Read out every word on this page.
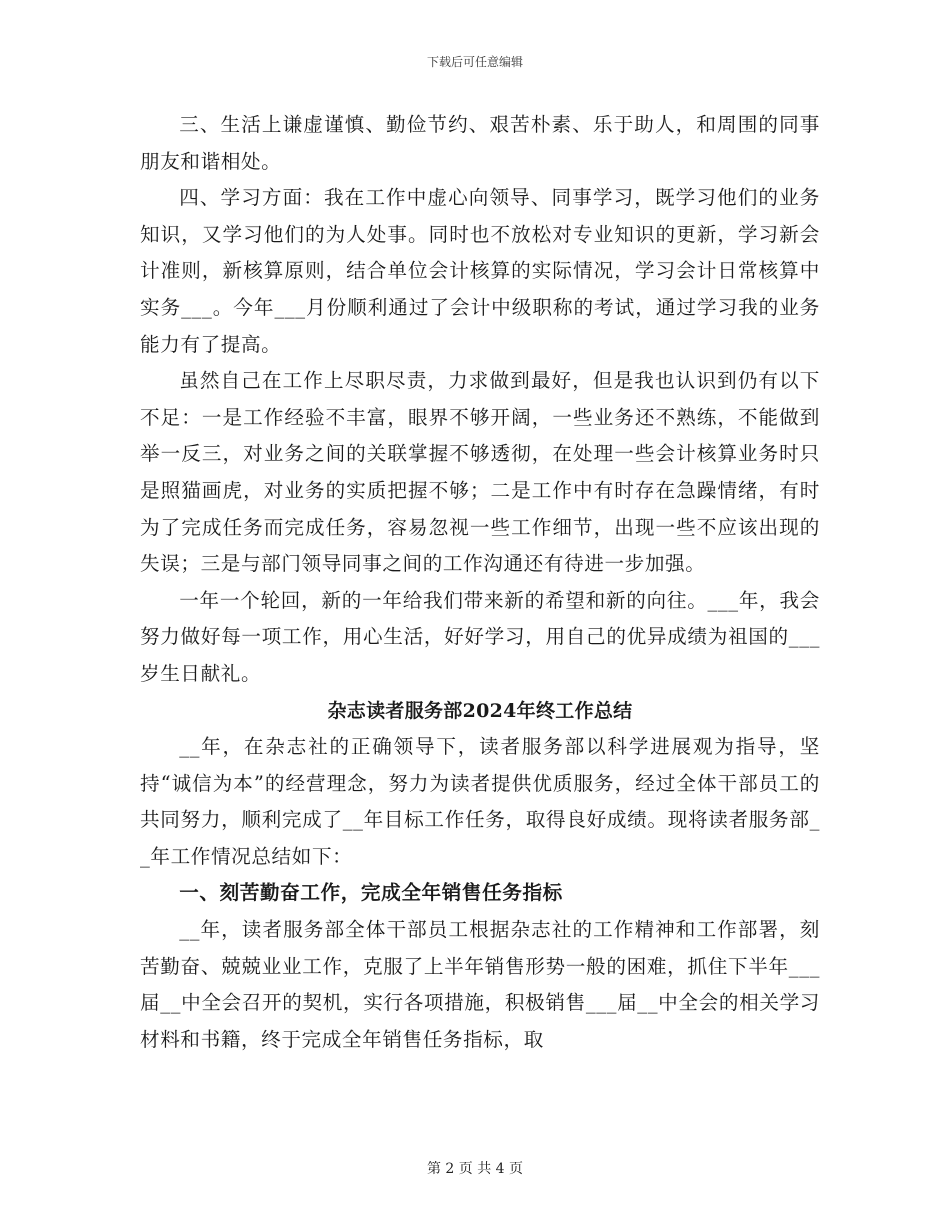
下载后可任意编辑

三、生活上谦虚谨慎、勤俭节约、艰苦朴素、乐于助人，和周围的同事朋友和谐相处。

四、学习方面：我在工作中虚心向领导、同事学习，既学习他们的业务知识，又学习他们的为人处事。同时也不放松对专业知识的更新，学习新会计准则，新核算原则，结合单位会计核算的实际情况，学习会计日常核算中实务___。今年___月份顺利通过了会计中级职称的考试，通过学习我的业务能力有了提高。

虽然自己在工作上尽职尽责，力求做到最好，但是我也认识到仍有以下不足：一是工作经验不丰富，眼界不够开阔，一些业务还不熟练，不能做到举一反三，对业务之间的关联掌握不够透彻，在处理一些会计核算业务时只是照猫画虎，对业务的实质把握不够；二是工作中有时存在急躁情绪，有时为了完成任务而完成任务，容易忽视一些工作细节，出现一些不应该出现的失误；三是与部门领导同事之间的工作沟通还有待进一步加强。

一年一个轮回，新的一年给我们带来新的希望和新的向往。___年，我会努力做好每一项工作，用心生活，好好学习，用自己的优异成绩为祖国的___岁生日献礼。

杂志读者服务部2024年终工作总结

__年，在杂志社的正确领导下，读者服务部以科学进展观为指导，坚持“诚信为本”的经营理念，努力为读者提供优质服务，经过全体干部员工的共同努力，顺利完成了__年目标工作任务，取得良好成绩。现将读者服务部__年工作情况总结如下：

一、刻苦勤奋工作，完成全年销售任务指标

__年，读者服务部全体干部员工根据杂志社的工作精神和工作部署，刻苦勤奋、兢兢业业工作，克服了上半年销售形势一般的困难，抓住下半年___届__中全会召开的契机，实行各项措施，积极销售___届__中全会的相关学习材料和书籍，终于完成全年销售任务指标，取

第 2 页 共 4 页
